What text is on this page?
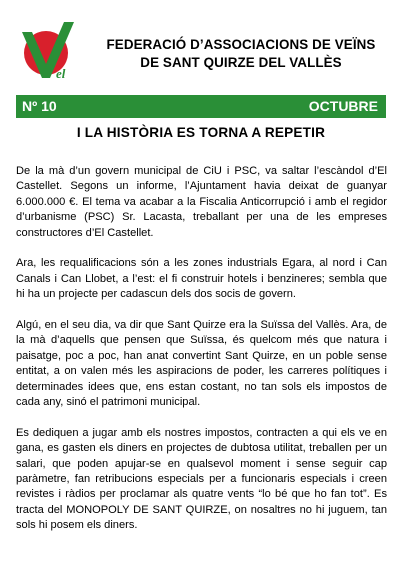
el
FEDERACIÓ D’ASSOCIACIONS DE VEÏNS
DE SANT QUIRZE DEL VALLÈS
Nº 10	OCTUBRE
I LA HISTÒRIA ES TORNA A REPETIR

De la mà d’un govern municipal de CiU i PSC, va saltar l’escàndol d’El Castellet. Segons un informe, l’Ajuntament havia deixat de guanyar 6.000.000 €. El tema va acabar a la Fiscalia Anticorrupció i amb el regidor d’urbanisme (PSC) Sr. Lacasta, treballant per una de les empreses constructores d’El Castellet.

Ara, les requalificacions són a les zones industrials Egara, al nord i Can Canals i Can Llobet, a l’est: el fi construir hotels i benzineres; sembla que hi ha un projecte per cadascun dels dos socis de govern.

Algú, en el seu dia, va dir que Sant Quirze era la Suïssa del Vallès. Ara, de la mà d’aquells que pensen que Suïssa, és quelcom més que natura i paisatge, poc a poc, han anat convertint Sant Quirze, en un poble sense entitat, a on valen més les aspiracions de poder, les carreres polítiques i determinades idees que, ens estan costant, no tan sols els impostos de cada any, sinó el patrimoni municipal.

Es dediquen a jugar amb els nostres impostos, contracten a qui els ve en gana, es gasten els diners en projectes de dubtosa utilitat, treballen per un salari, que poden apujar-se en qualsevol moment i sense seguir cap paràmetre, fan retribucions especials per a funcionaris especials i creen revistes i ràdios per proclamar als quatre vents “lo bé que ho fan tot”. Es tracta del MONOPOLY DE SANT QUIRZE, on nosaltres no hi juguem, tan sols hi posem els diners.
